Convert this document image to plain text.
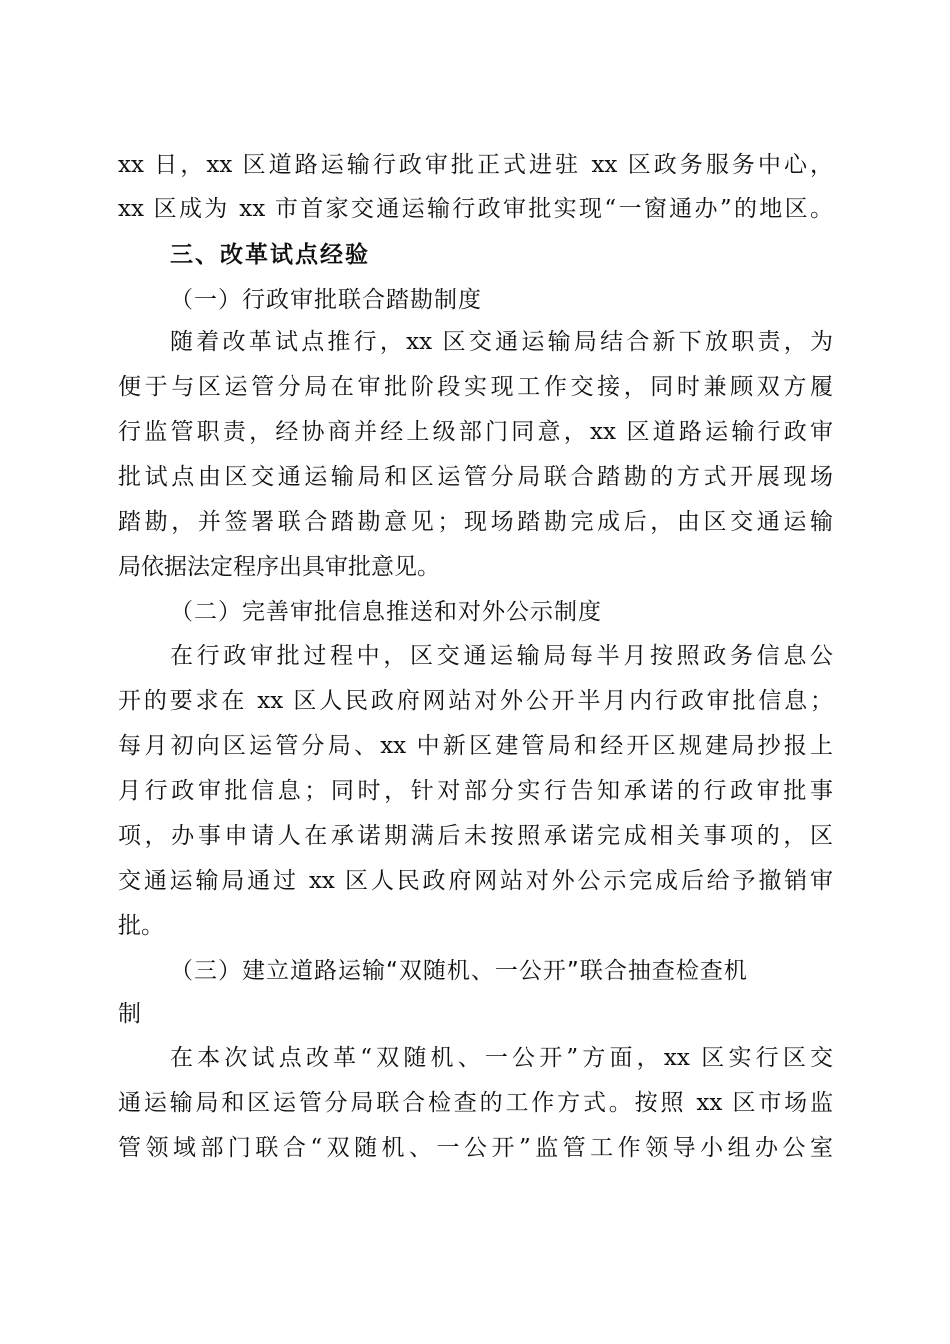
xx 日，xx 区道路运输行政审批正式进驻 xx 区政务服务中心，
xx 区成为 xx 市首家交通运输行政审批实现“一窗通办”的地区。
三、改革试点经验
（一）行政审批联合踏勘制度
随着改革试点推行，xx 区交通运输局结合新下放职责，为
便于与区运管分局在审批阶段实现工作交接，同时兼顾双方履
行监管职责，经协商并经上级部门同意，xx 区道路运输行政审
批试点由区交通运输局和区运管分局联合踏勘的方式开展现场
踏勘，并签署联合踏勘意见；现场踏勘完成后，由区交通运输
局依据法定程序出具审批意见。
（二）完善审批信息推送和对外公示制度
在行政审批过程中，区交通运输局每半月按照政务信息公
开的要求在 xx 区人民政府网站对外公开半月内行政审批信息；
每月初向区运管分局、xx 中新区建管局和经开区规建局抄报上
月行政审批信息；同时，针对部分实行告知承诺的行政审批事
项，办事申请人在承诺期满后未按照承诺完成相关事项的，区
交通运输局通过 xx 区人民政府网站对外公示完成后给予撤销审
批。
（三）建立道路运输“双随机、一公开”联合抽查检查机
制
在本次试点改革“双随机、一公开”方面，xx 区实行区交
通运输局和区运管分局联合检查的工作方式。按照 xx 区市场监
管领域部门联合“双随机、一公开”监管工作领导小组办公室
